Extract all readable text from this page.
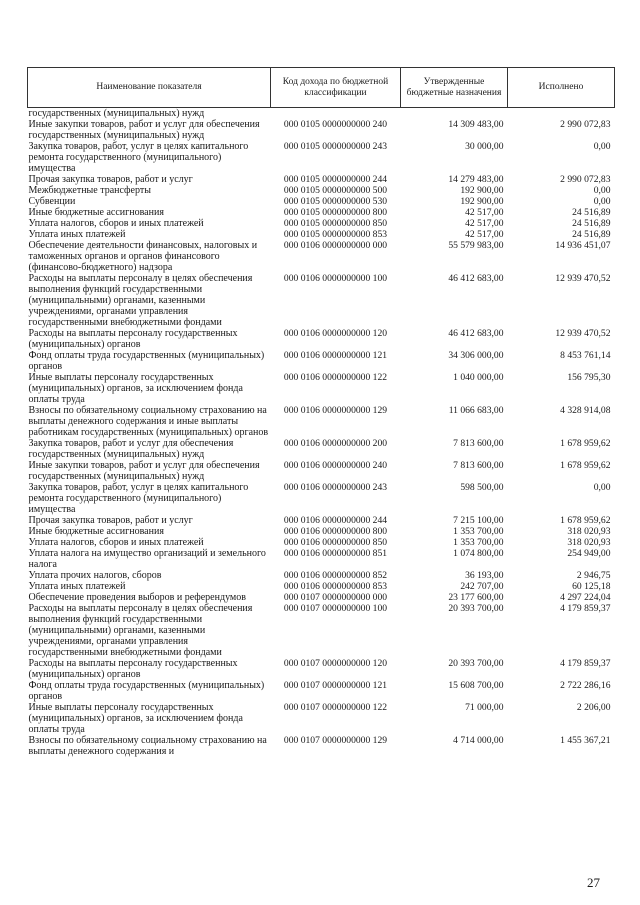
Наименование показателя	Код дохода по бюджетной классификации	Утвержденные бюджетные назначения	Исполнено
государственных (муниципальных) нужд			
Иные закупки товаров, работ и услуг для обеспечения государственных (муниципальных) нужд	000 0105 0000000000 240	14 309 483,00	2 990 072,83
Закупка товаров, работ, услуг в целях капитального ремонта государственного (муниципального) имущества	000 0105 0000000000 243	30 000,00	0,00
Прочая закупка товаров, работ и услуг	000 0105 0000000000 244	14 279 483,00	2 990 072,83
Межбюджетные трансферты	000 0105 0000000000 500	192 900,00	0,00
Субвенции	000 0105 0000000000 530	192 900,00	0,00
Иные бюджетные ассигнования	000 0105 0000000000 800	42 517,00	24 516,89
Уплата налогов, сборов и иных платежей	000 0105 0000000000 850	42 517,00	24 516,89
Уплата иных платежей	000 0105 0000000000 853	42 517,00	24 516,89
Обеспечение деятельности финансовых, налоговых и таможенных органов и органов финансового (финансово-бюджетного) надзора	000 0106 0000000000 000	55 579 983,00	14 936 451,07
Расходы на выплаты персоналу в целях обеспечения выполнения функций государственными (муниципальными) органами, казенными учреждениями, органами управления государственными внебюджетными фондами	000 0106 0000000000 100	46 412 683,00	12 939 470,52
Расходы на выплаты персоналу государственных (муниципальных) органов	000 0106 0000000000 120	46 412 683,00	12 939 470,52
Фонд оплаты труда государственных (муниципальных) органов	000 0106 0000000000 121	34 306 000,00	8 453 761,14
Иные выплаты персоналу государственных (муниципальных) органов, за исключением фонда оплаты труда	000 0106 0000000000 122	1 040 000,00	156 795,30
Взносы по обязательному социальному страхованию на выплаты денежного содержания и иные выплаты работникам государственных (муниципальных) органов	000 0106 0000000000 129	11 066 683,00	4 328 914,08
Закупка товаров, работ и услуг для обеспечения государственных (муниципальных) нужд	000 0106 0000000000 200	7 813 600,00	1 678 959,62
Иные закупки товаров, работ и услуг для обеспечения государственных (муниципальных) нужд	000 0106 0000000000 240	7 813 600,00	1 678 959,62
Закупка товаров, работ, услуг в целях капитального ремонта государственного (муниципального) имущества	000 0106 0000000000 243	598 500,00	0,00
Прочая закупка товаров, работ и услуг	000 0106 0000000000 244	7 215 100,00	1 678 959,62
Иные бюджетные ассигнования	000 0106 0000000000 800	1 353 700,00	318 020,93
Уплата налогов, сборов и иных платежей	000 0106 0000000000 850	1 353 700,00	318 020,93
Уплата налога на имущество организаций и земельного налога	000 0106 0000000000 851	1 074 800,00	254 949,00
Уплата прочих налогов, сборов	000 0106 0000000000 852	36 193,00	2 946,75
Уплата иных платежей	000 0106 0000000000 853	242 707,00	60 125,18
Обеспечение проведения выборов и референдумов	000 0107 0000000000 000	23 177 600,00	4 297 224,04
Расходы на выплаты персоналу в целях обеспечения выполнения функций государственными (муниципальными) органами, казенными учреждениями, органами управления государственными внебюджетными фондами	000 0107 0000000000 100	20 393 700,00	4 179 859,37
Расходы на выплаты персоналу государственных (муниципальных) органов	000 0107 0000000000 120	20 393 700,00	4 179 859,37
Фонд оплаты труда государственных (муниципальных) органов	000 0107 0000000000 121	15 608 700,00	2 722 286,16
Иные выплаты персоналу государственных (муниципальных) органов, за исключением фонда оплаты труда	000 0107 0000000000 122	71 000,00	2 206,00
Взносы по обязательному социальному страхованию на выплаты денежного содержания и	000 0107 0000000000 129	4 714 000,00	1 455 367,21
27
